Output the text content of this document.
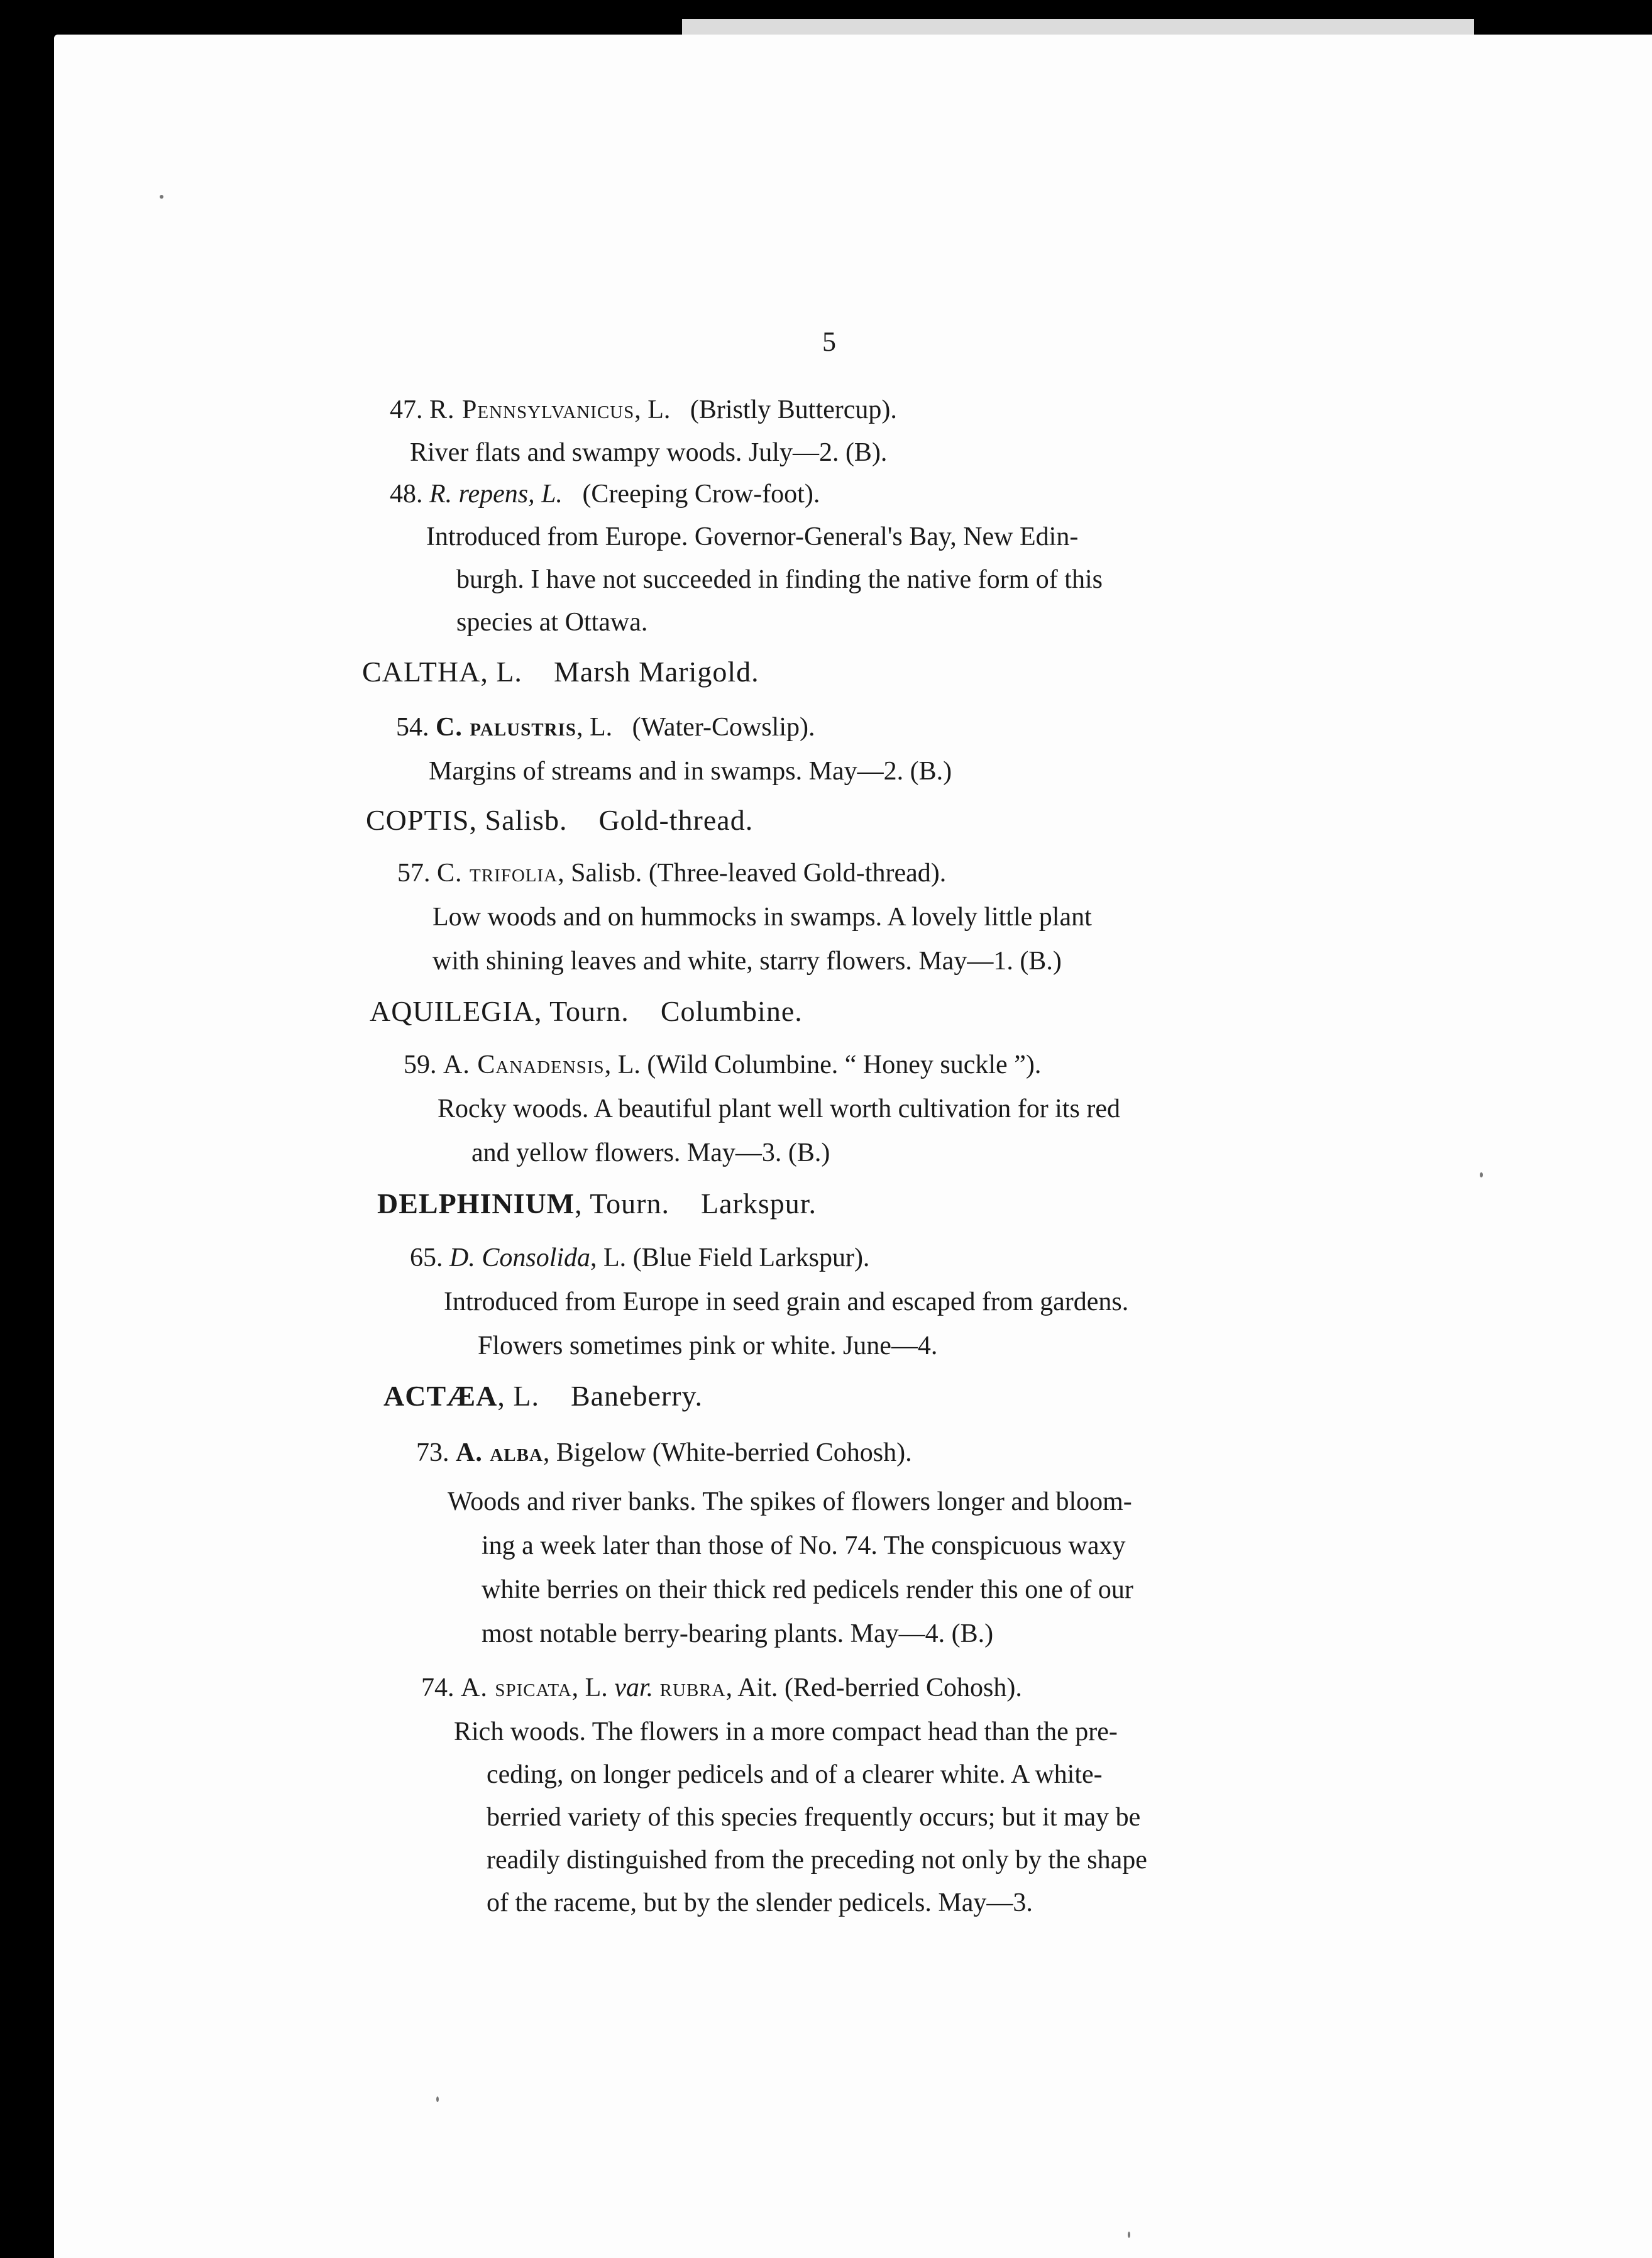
5
47. R. Pennsylvanicus, L. (Bristly Buttercup).
River flats and swampy woods. July—2. (B).
48. R. repens, L. (Creeping Crow-foot).
Introduced from Europe. Governor-General's Bay, New Edin-
burgh. I have not succeeded in finding the native form of this
species at Ottawa.
CALTHA, L. Marsh Marigold.
54. C. palustris, L. (Water-Cowslip).
Margins of streams and in swamps. May—2. (B.)
COPTIS, Salisb. Gold-thread.
57. C. trifolia, Salisb. (Three-leaved Gold-thread).
Low woods and on hummocks in swamps. A lovely little plant
with shining leaves and white, starry flowers. May—1. (B.)
AQUILEGIA, Tourn. Columbine.
59. A. Canadensis, L. (Wild Columbine. “ Honey suckle ”).
Rocky woods. A beautiful plant well worth cultivation for its red
and yellow flowers. May—3. (B.)
DELPHINIUM, Tourn. Larkspur.
65. D. Consolida, L. (Blue Field Larkspur).
Introduced from Europe in seed grain and escaped from gardens.
Flowers sometimes pink or white. June—4.
ACTÆA, L. Baneberry.
73. A. alba, Bigelow (White-berried Cohosh).
Woods and river banks. The spikes of flowers longer and bloom-
ing a week later than those of No. 74. The conspicuous waxy
white berries on their thick red pedicels render this one of our
most notable berry-bearing plants. May—4. (B.)
74. A. spicata, L. var. rubra, Ait. (Red-berried Cohosh).
Rich woods. The flowers in a more compact head than the pre-
ceding, on longer pedicels and of a clearer white. A white-
berried variety of this species frequently occurs; but it may be
readily distinguished from the preceding not only by the shape
of the raceme, but by the slender pedicels. May—3.
